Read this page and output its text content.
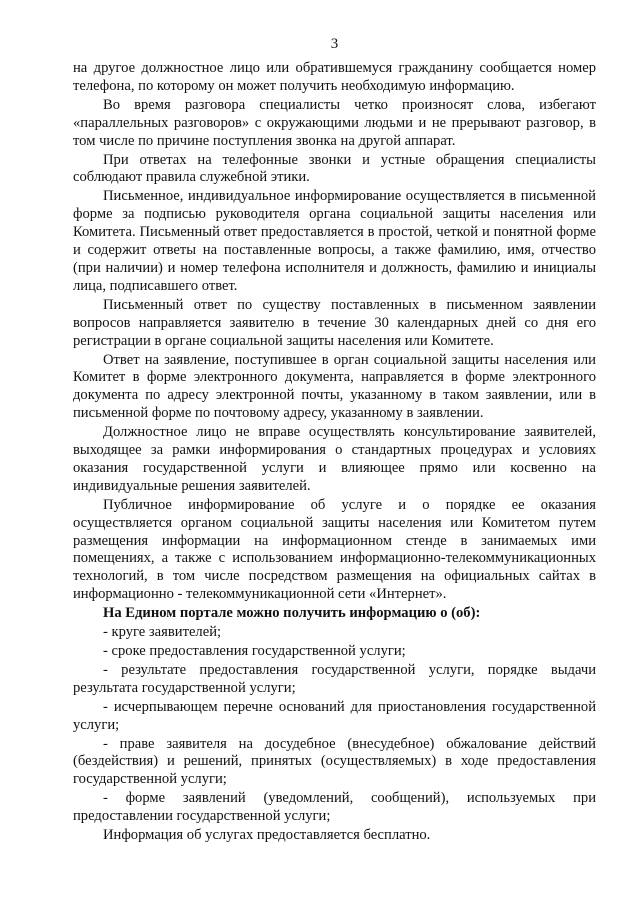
3

на другое должностное лицо или обратившемуся гражданину сообщается номер телефона, по которому он может получить необходимую информацию.

Во время разговора специалисты четко произносят слова, избегают «параллельных разговоров» с окружающими людьми и не прерывают разговор, в том числе по причине поступления звонка на другой аппарат.

При ответах на телефонные звонки и устные обращения специалисты соблюдают правила служебной этики.

Письменное, индивидуальное информирование осуществляется в письменной форме за подписью руководителя органа социальной защиты населения или Комитета. Письменный ответ предоставляется в простой, четкой и понятной форме и содержит ответы на поставленные вопросы, а также фамилию, имя, отчество (при наличии) и номер телефона исполнителя и должность, фамилию и инициалы лица, подписавшего ответ.

Письменный ответ по существу поставленных в письменном заявлении вопросов направляется заявителю в течение 30 календарных дней со дня его регистрации в органе социальной защиты населения или Комитете.

Ответ на заявление, поступившее в орган социальной защиты населения или Комитет в форме электронного документа, направляется в форме электронного документа по адресу электронной почты, указанному в таком заявлении, или в письменной форме по почтовому адресу, указанному в заявлении.

Должностное лицо не вправе осуществлять консультирование заявителей, выходящее за рамки информирования о стандартных процедурах и условиях оказания государственной услуги и влияющее прямо или косвенно на индивидуальные решения заявителей.

Публичное информирование об услуге и о порядке ее оказания осуществляется органом социальной защиты населения или Комитетом путем размещения информации на информационном стенде в занимаемых ими помещениях, а также с использованием информационно-телекоммуникационных технологий, в том числе посредством размещения на официальных сайтах в информационно - телекоммуникационной сети «Интернет».

На Едином портале можно получить информацию о (об):

- круге заявителей;

- сроке предоставления государственной услуги;

- результате предоставления государственной услуги, порядке выдачи результата государственной услуги;

- исчерпывающем перечне оснований для приостановления государственной услуги;

- праве заявителя на досудебное (внесудебное) обжалование действий (бездействия) и решений, принятых (осуществляемых) в ходе предоставления государственной услуги;

- форме заявлений (уведомлений, сообщений), используемых при предоставлении государственной услуги;

Информация об услугах предоставляется бесплатно.
